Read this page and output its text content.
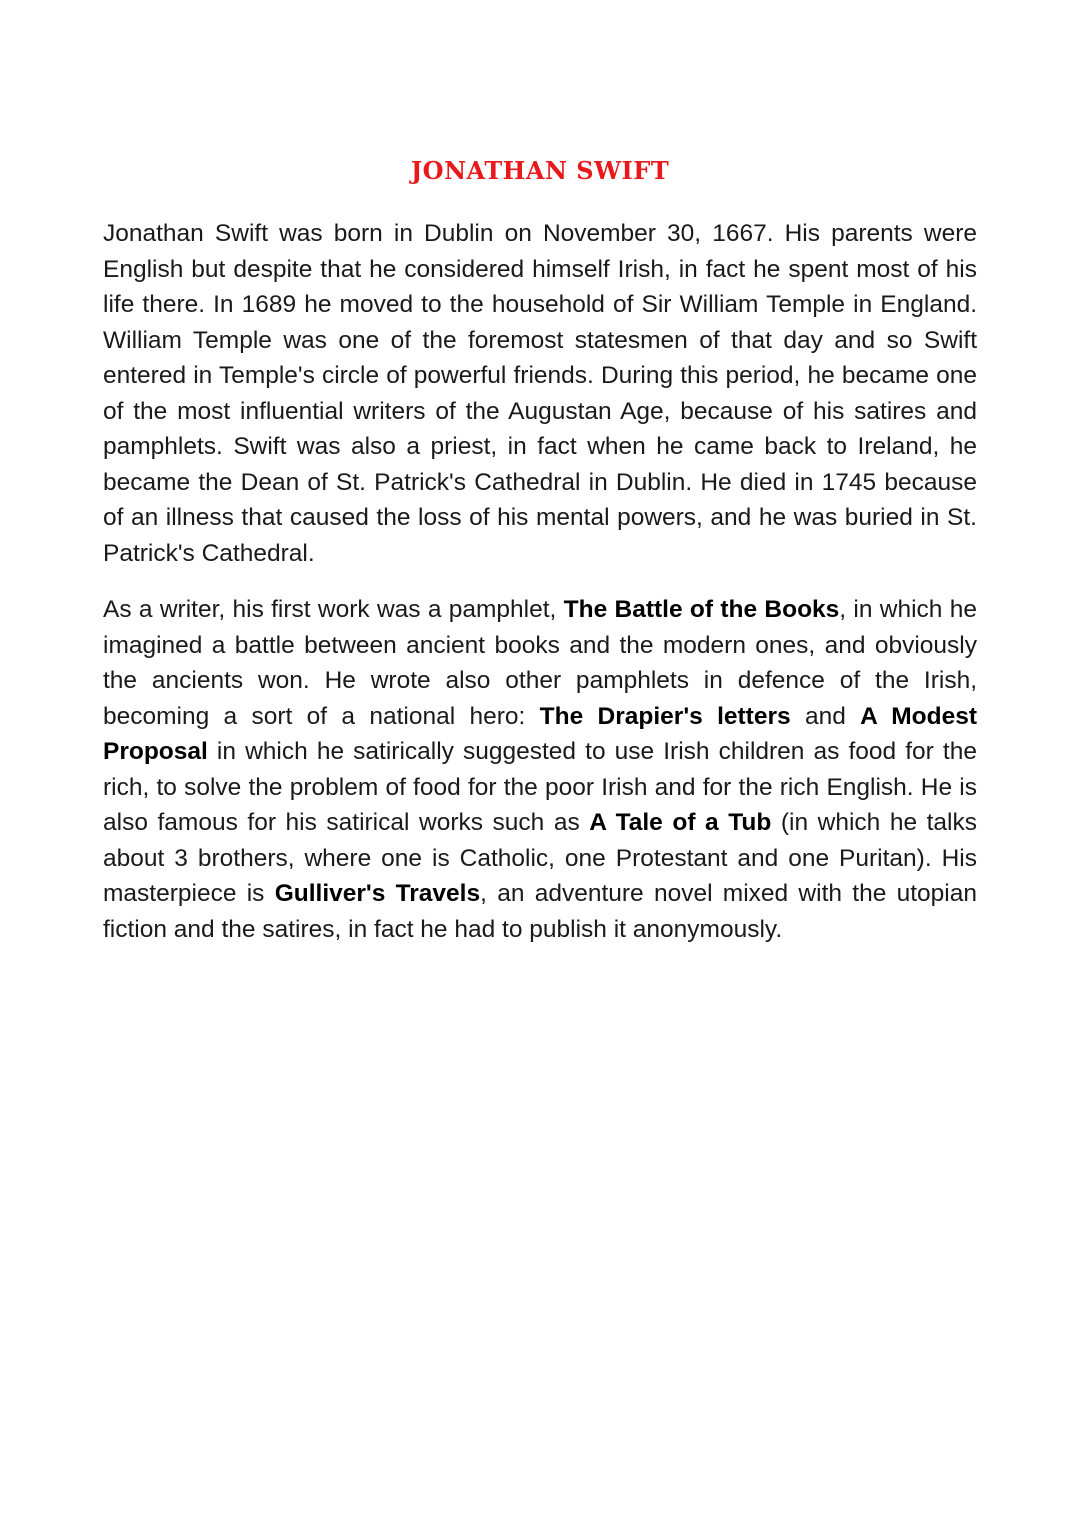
JONATHAN SWIFT

Jonathan Swift was born in Dublin on November 30, 1667. His parents were English but despite that he considered himself Irish, in fact he spent most of his life there. In 1689 he moved to the household of Sir William Temple in England. William Temple was one of the foremost statesmen of that day and so Swift entered in Temple's circle of powerful friends. During this period, he became one of the most influential writers of the Augustan Age, because of his satires and pamphlets. Swift was also a priest, in fact when he came back to Ireland, he became the Dean of St. Patrick's Cathedral in Dublin. He died in 1745 because of an illness that caused the loss of his mental powers, and he was buried in St. Patrick's Cathedral.

As a writer, his first work was a pamphlet, The Battle of the Books, in which he imagined a battle between ancient books and the modern ones, and obviously the ancients won. He wrote also other pamphlets in defence of the Irish, becoming a sort of a national hero: The Drapier's letters and A Modest Proposal in which he satirically suggested to use Irish children as food for the rich, to solve the problem of food for the poor Irish and for the rich English. He is also famous for his satirical works such as A Tale of a Tub (in which he talks about 3 brothers, where one is Catholic, one Protestant and one Puritan). His masterpiece is Gulliver's Travels, an adventure novel mixed with the utopian fiction and the satires, in fact he had to publish it anonymously.
